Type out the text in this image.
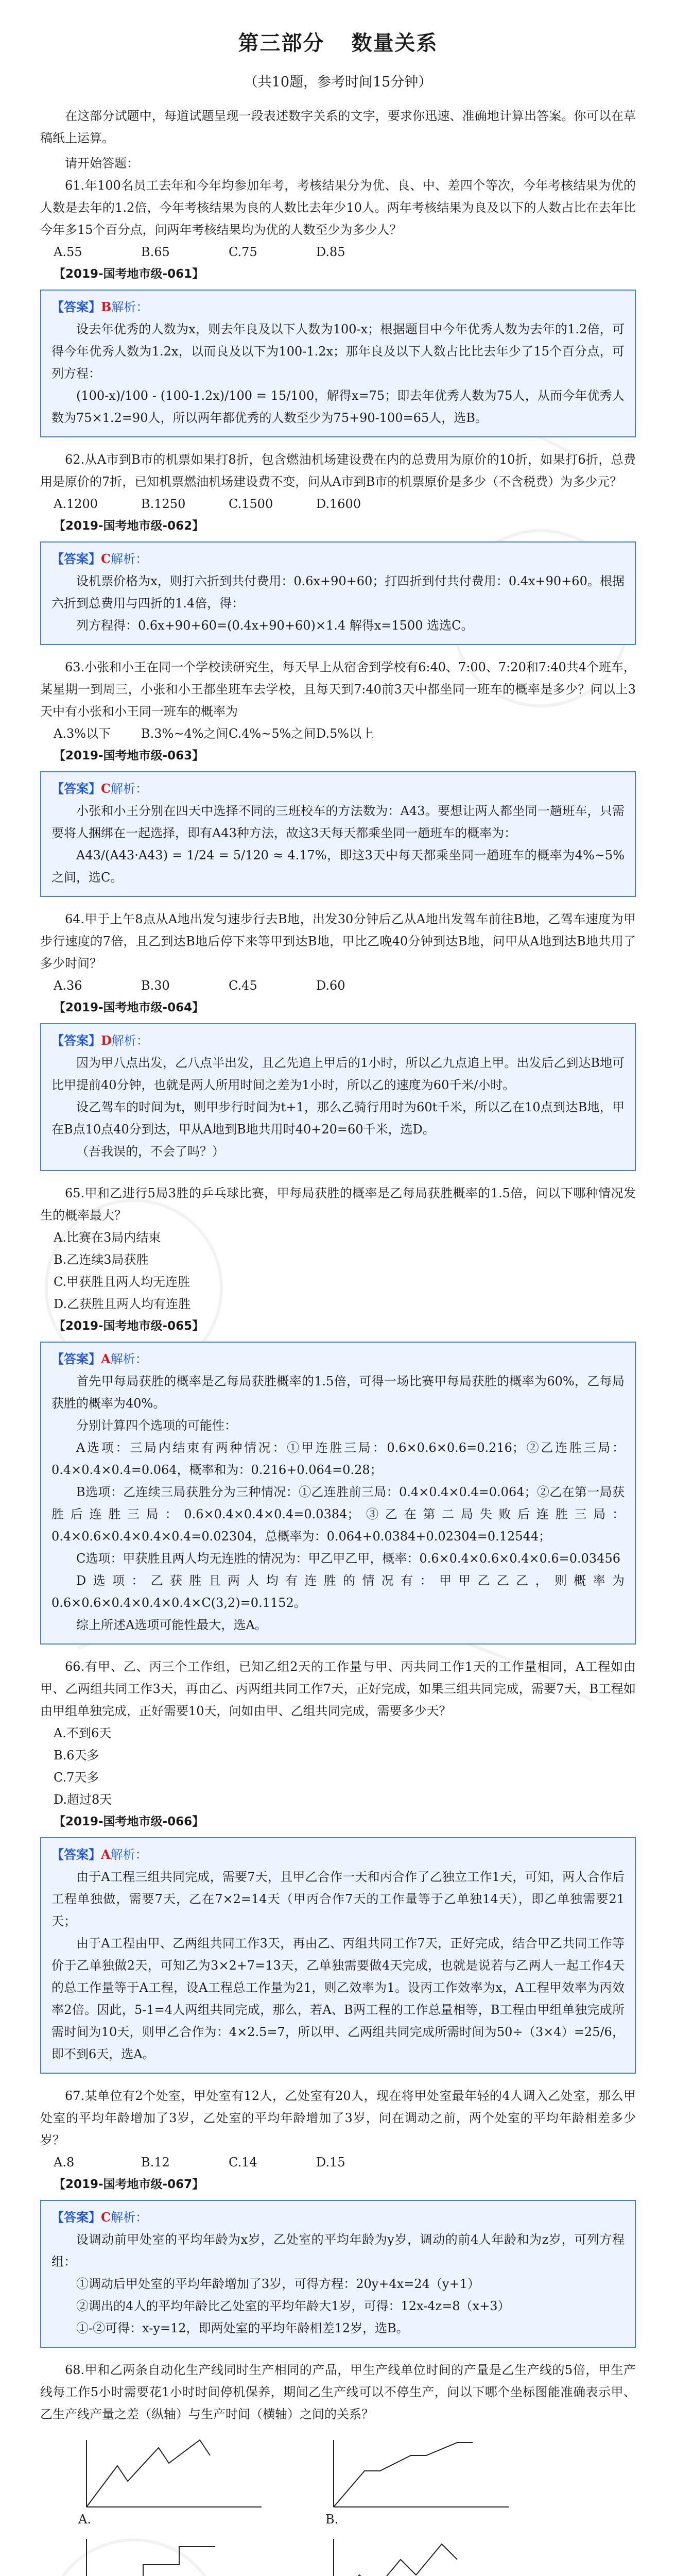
第三部分 数量关系
（共10题，参考时间15分钟）

在这部分试题中，每道试题呈现一段表述数字关系的文字，要求你迅速、准确地计算出答案。你可以在草稿纸上运算。

请开始答题：

61.年100名员工去年和今年均参加年考，考核结果分为优、良、中、差四个等次，今年考核结果为优的人数是去年的1.2倍，今年考核结果为良的人数比去年少10人。两年考核结果为良及以下的人数占比在去年比今年多15个百分点，问两年考核结果均为优的人数至少为多少人？

A.55	B.65	C.75	D.85
【2019-国考地市级-061】
【答案】B解析：

设去年优秀的人数为x，则去年良及以下人数为100-x；根据题目中今年优秀人数为去年的1.2倍，可得今年优秀人数为1.2x，以而良及以下为100-1.2x；那年良及以下人数占比比去年少了15个百分点，可列方程：

(100-x)/100 - (100-1.2x)/100 = 15/100，解得x=75；即去年优秀人数为75人，从而今年优秀人数为75×1.2=90人，所以两年都优秀的人数至少为75+90-100=65人，选B。

62.从A市到B市的机票如果打8折，包含燃油机场建设费在内的总费用为原价的10折，如果打6折，总费用是原价的7折，已知机票燃油机场建设费不变，问从A市到B市的机票原价是多少（不含税费）为多少元？

A.1200	B.1250	C.1500	D.1600
【2019-国考地市级-062】
【答案】C解析：

设机票价格为x，则打六折到共付费用：0.6x+90+60；打四折到付共付费用：0.4x+90+60。根据六折到总费用与四折的1.4倍，得：

列方程得：0.6x+90+60=(0.4x+90+60)×1.4 解得x=1500 选选C。

63.小张和小王在同一个学校读研究生，每天早上从宿舍到学校有6:40、7:00、7:20和7:40共4个班车，某星期一到周三，小张和小王都坐班车去学校，且每天到7:40前3天中都坐同一班车的概率是多少？问以上3天中有小张和小王同一班车的概率为

A.3%以下	B.3%~4%之间 C.4%~5%之间 D.5%以上
【2019-国考地市级-063】
【答案】C解析：

小张和小王分别在四天中选择不同的三班校车的方法数为：A43。要想让两人都坐同一趟班车，只需要将人捆绑在一起选择，即有A43种方法，故这3天每天都乘坐同一趟班车的概率为：

A43/(A43·A43) = 1/24 = 5/120 ≈ 4.17%，即这3天中每天都乘坐同一趟班车的概率为4%~5%之间，选C。

64.甲于上午8点从A地出发匀速步行去B地，出发30分钟后乙从A地出发驾车前往B地，乙驾车速度为甲步行速度的7倍，且乙到达B地后停下来等甲到达B地，甲比乙晚40分钟到达B地，问甲从A地到达B地共用了多少时间？

A.36	B.30	C.45	D.60
【2019-国考地市级-064】
【答案】D解析：

因为甲八点出发，乙八点半出发，且乙先追上甲后的1小时，所以乙九点追上甲。出发后乙到达B地可比甲提前40分钟，也就是两人所用时间之差为1小时，所以乙的速度为60千米/小时。

设乙驾车的时间为t，则甲步行时间为t+1，那么乙骑行用时为60t千米，所以乙在10点到达B地，甲在B点10点40分到达，甲从A地到B地共用时40+20=60千米，选D。

（吾我误的，不会了吗？）

65.甲和乙进行5局3胜的乒乓球比赛，甲每局获胜的概率是乙每局获胜概率的1.5倍，问以下哪种情况发生的概率最大？

A.比赛在3局内结束
B.乙连续3局获胜
C.甲获胜且两人均无连胜
D.乙获胜且两人均有连胜
【2019-国考地市级-065】
【答案】A解析：

首先甲每局获胜的概率是乙每局获胜概率的1.5倍，可得一场比赛甲每局获胜的概率为60%，乙每局获胜的概率为40%。

分别计算四个选项的可能性：

A选项：三局内结束有两种情况：①甲连胜三局：0.6×0.6×0.6=0.216；②乙连胜三局：0.4×0.4×0.4=0.064，概率和为：0.216+0.064=0.28；

B选项：乙连续三局获胜分为三种情况：①乙连胜前三局：0.4×0.4×0.4=0.064；②乙在第一局获胜后连胜三局：0.6×0.4×0.4×0.4=0.0384；③乙在第二局失败后连胜三局：0.4×0.6×0.4×0.4×0.4=0.02304，总概率为：0.064+0.0384+0.02304=0.12544；

C选项：甲获胜且两人均无连胜的情况为：甲乙甲乙甲，概率：0.6×0.4×0.6×0.4×0.6=0.03456

D选项：乙获胜且两人均有连胜的情况有：甲甲乙乙乙，则概率为0.6×0.6×0.4×0.4×0.4×C(3,2)=0.1152。

综上所述A选项可能性最大，选A。

66.有甲、乙、丙三个工作组，已知乙组2天的工作量与甲、丙共同工作1天的工作量相同，A工程如由甲、乙两组共同工作3天，再由乙、丙两组共同工作7天，正好完成，如果三组共同完成，需要7天，B工程如由甲组单独完成，正好需要10天，问如由甲、乙组共同完成，需要多少天？

A.不到6天
B.6天多
C.7天多
D.超过8天
【2019-国考地市级-066】
【答案】A解析：

由于A工程三组共同完成，需要7天，且甲乙合作一天和丙合作了乙独立工作1天，可知，两人合作后工程单独做，需要7天，乙在7×2=14天（甲丙合作7天的工作量等于乙单独14天），即乙单独需要21天；

由于A工程由甲、乙两组共同工作3天，再由乙、丙组共同工作7天，正好完成，结合甲乙共同工作等价于乙单独做2天，可知乙为3×2+7=13天，乙单独需要做4天完成，也就是说若与乙两人一起工作4天的总工作量等于A工程，设A工程总工作量为21，则乙效率为1。设丙工作效率为x，A工程甲效率为丙效率2倍。因此，5-1=4人两组共同完成，那么，若A、B两工程的工作总量相等，B工程由甲组单独完成所需时间为10天，则甲乙合作为：4×2.5=7，所以甲、乙两组共同完成所需时间为50÷（3×4）=25/6，即不到6天，选A。

67.某单位有2个处室，甲处室有12人，乙处室有20人，现在将甲处室最年轻的4人调入乙处室，那么甲处室的平均年龄增加了3岁，乙处室的平均年龄增加了3岁，问在调动之前，两个处室的平均年龄相差多少岁？

A.8	B.12	C.14	D.15
【2019-国考地市级-067】
【答案】C解析：

设调动前甲处室的平均年龄为x岁，乙处室的平均年龄为y岁，调动的前4人年龄和为z岁，可列方程组：

①调动后甲处室的平均年龄增加了3岁，可得方程：20y+4x=24（y+1）

②调出的4人的平均年龄比乙处室的平均年龄大1岁，可得：12x-4z=8（x+3）

①-②可得：x-y=12，即两处室的平均年龄相差12岁，选B。

68.甲和乙两条自动化生产线同时生产相同的产品，甲生产线单位时间的产量是乙生产线的5倍，甲生产线每工作5小时需要花1小时时间停机保养，期间乙生产线可以不停生产，问以下哪个坐标图能准确表示甲、乙生产线产量之差（纵轴）与生产时间（横轴）之间的关系？

A.	B.
